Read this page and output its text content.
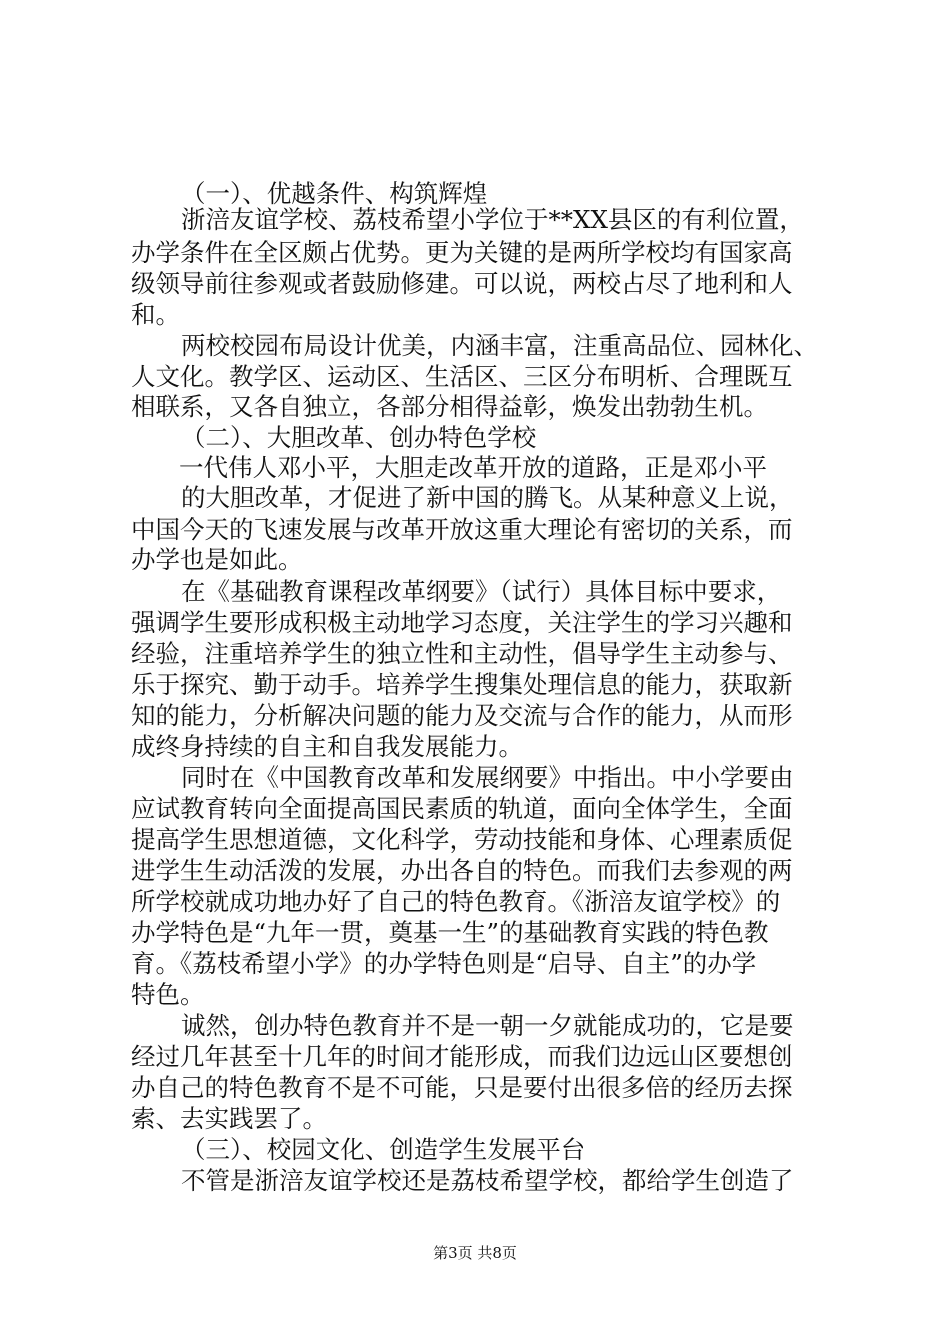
（一）、优越条件、构筑辉煌
浙涪友谊学校、荔枝希望小学位于**XX县区的有利位置，
办学条件在全区颇占优势。更为关键的是两所学校均有国家高
级领导前往参观或者鼓励修建。可以说，两校占尽了地利和人
和。
两校校园布局设计优美，内涵丰富，注重高品位、园林化、
人文化。教学区、运动区、生活区、三区分布明析、合理既互
相联系，又各自独立，各部分相得益彰，焕发出勃勃生机。
（二）、大胆改革、创办特色学校
一代伟人邓小平，大胆走改革开放的道路，正是邓小平
的大胆改革，才促进了新中国的腾飞。从某种意义上说，
中国今天的飞速发展与改革开放这重大理论有密切的关系，而
办学也是如此。
在《基础教育课程改革纲要》（试行）具体目标中要求，
强调学生要形成积极主动地学习态度，关注学生的学习兴趣和
经验，注重培养学生的独立性和主动性，倡导学生主动参与、
乐于探究、勤于动手。培养学生搜集处理信息的能力，获取新
知的能力，分析解决问题的能力及交流与合作的能力，从而形
成终身持续的自主和自我发展能力。
同时在《中国教育改革和发展纲要》中指出。中小学要由
应试教育转向全面提高国民素质的轨道，面向全体学生，全面
提高学生思想道德，文化科学，劳动技能和身体、心理素质促
进学生生动活泼的发展，办出各自的特色。而我们去参观的两
所学校就成功地办好了自己的特色教育。《浙涪友谊学校》的
办学特色是“九年一贯，奠基一生”的基础教育实践的特色教
育。《荔枝希望小学》的办学特色则是“启导、自主”的办学
特色。
诚然，创办特色教育并不是一朝一夕就能成功的，它是要
经过几年甚至十几年的时间才能形成，而我们边远山区要想创
办自己的特色教育不是不可能，只是要付出很多倍的经历去探
索、去实践罢了。
（三）、校园文化、创造学生发展平台
不管是浙涪友谊学校还是荔枝希望学校，都给学生创造了
第3页 共8页
